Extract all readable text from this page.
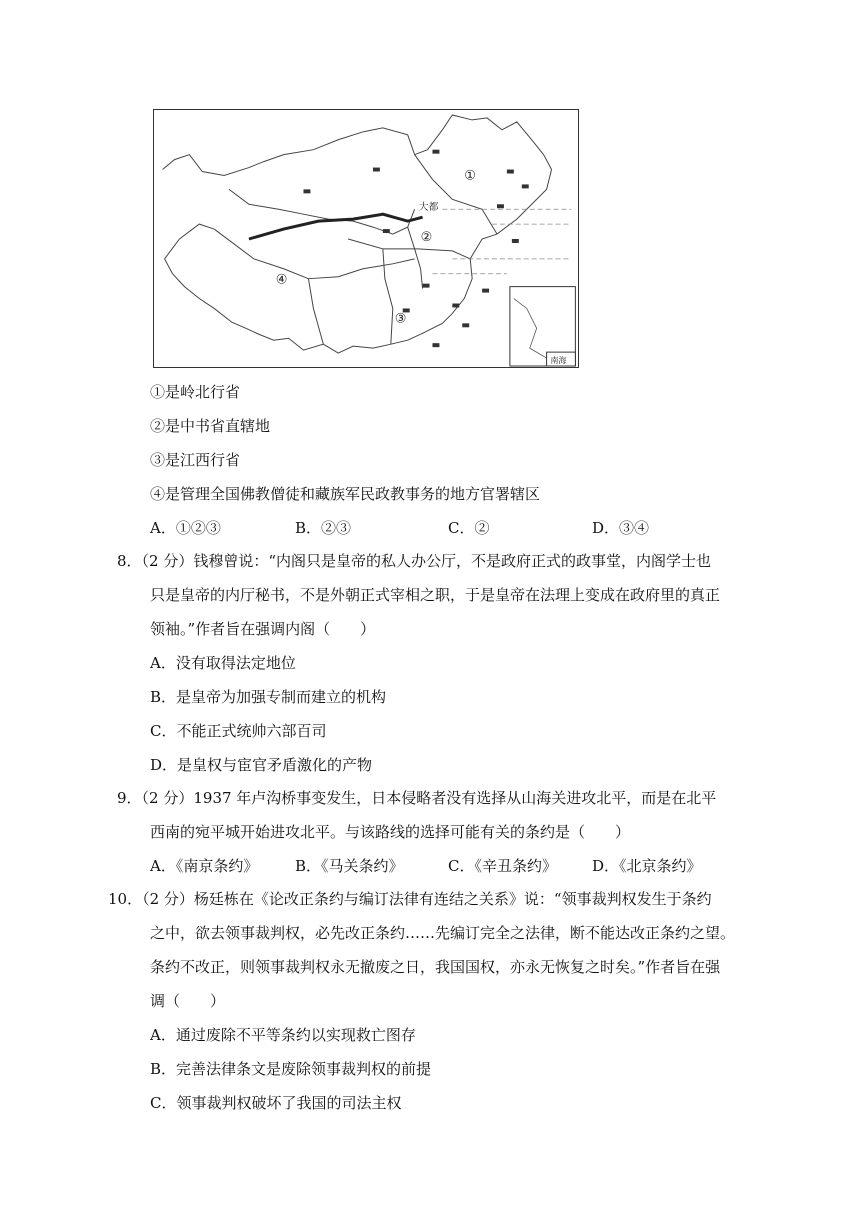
①
大都
②
④
③
南海
①是岭北行省
②是中书省直辖地
③是江西行省
④是管理全国佛教僧徒和藏族军民政教事务的地方官署辖区
A．①②③	B．②③	C．②	D．③④
8．（2 分）钱穆曾说：“内阁只是皇帝的私人办公厅，不是政府正式的政事堂，内阁学士也
只是皇帝的内厅秘书，不是外朝正式宰相之职，于是皇帝在法理上变成在政府里的真正
领袖。”作者旨在强调内阁（　　）
A．没有取得法定地位
B．是皇帝为加强专制而建立的机构
C．不能正式统帅六部百司
D．是皇权与宦官矛盾激化的产物
9．（2 分）1937 年卢沟桥事变发生，日本侵略者没有选择从山海关进攻北平，而是在北平
西南的宛平城开始进攻北平。与该路线的选择可能有关的条约是（　　）
A．《南京条约》 B．《马关条约》	C．《辛丑条约》 D．《北京条约》
10．（2 分）杨廷栋在《论改正条约与编订法律有连结之关系》说：“领事裁判权发生于条约
之中，欲去领事裁判权，必先改正条约……先编订完全之法律，断不能达改正条约之望。
条约不改正，则领事裁判权永无撤废之日，我国国权，亦永无恢复之时矣。”作者旨在强
调（　　）
A．通过废除不平等条约以实现救亡图存
B．完善法律条文是废除领事裁判权的前提
C．领事裁判权破坏了我国的司法主权
